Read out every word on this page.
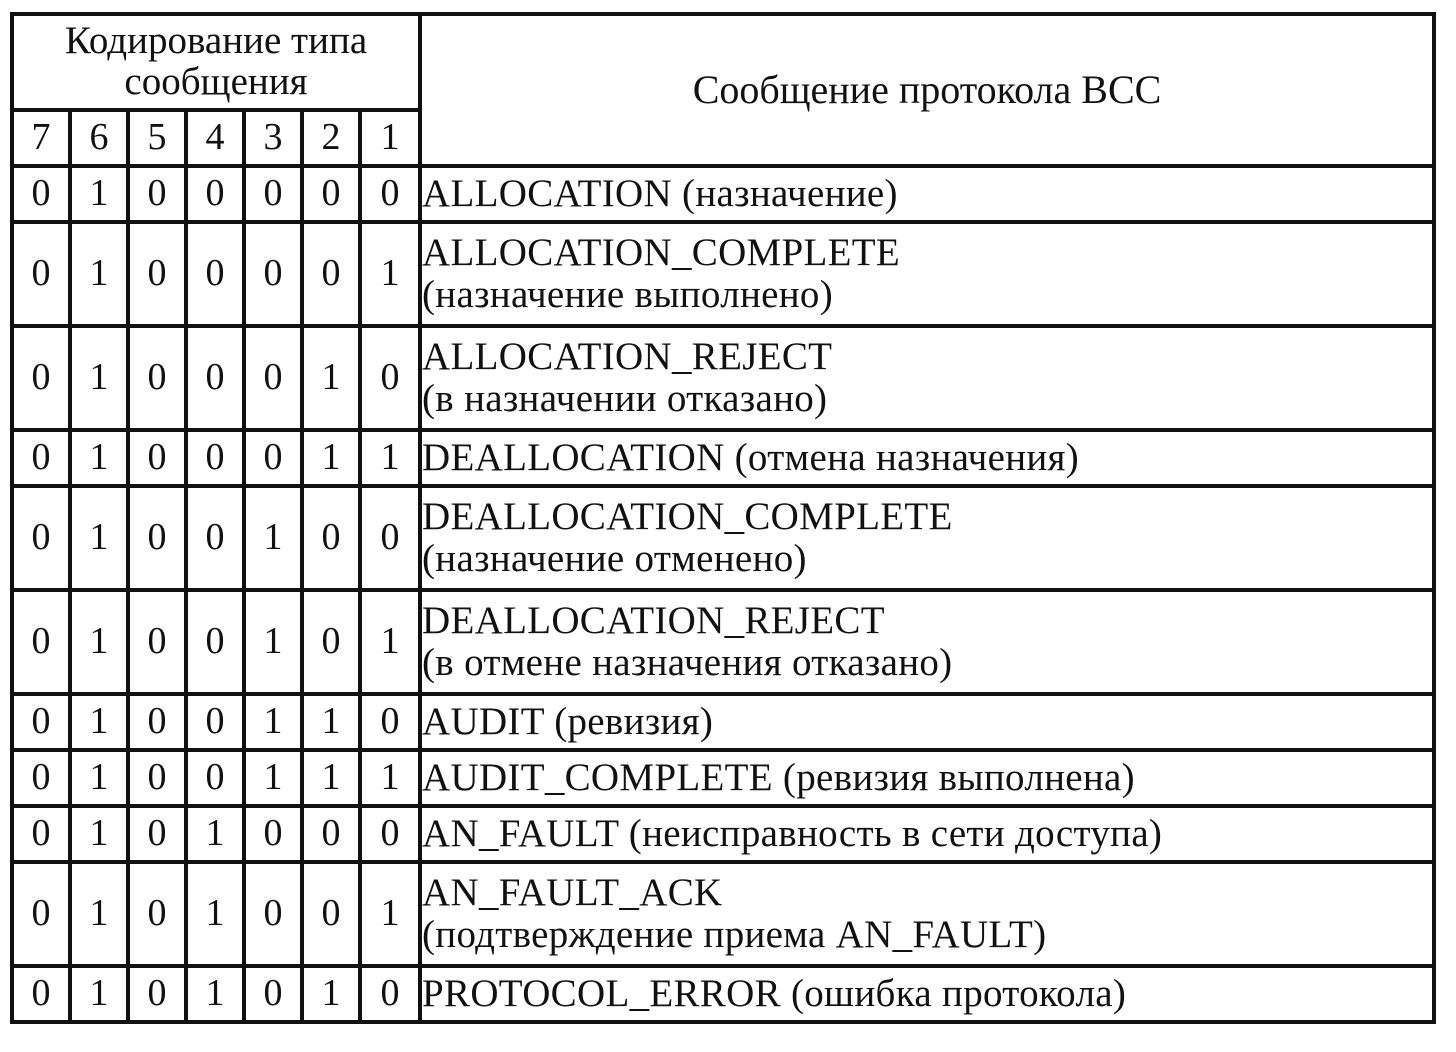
Кодирование типа сообщения							Сообщение протокола BCC
7	6	5	4	3	2	1	
0	1	0	0	0	0	0	ALLOCATION (назначение)
0	1	0	0	0	0	1	ALLOCATION_COMPLETE
(назначение выполнено)

0	1	0	0	0	1	0	ALLOCATION_REJECT
(в назначении отказано)

0	1	0	0	0	1	1	DEALLOCATION (отмена назначения)
0	1	0	0	1	0	0	DEALLOCATION_COMPLETE
(назначение отменено)

0	1	0	0	1	0	1	DEALLOCATION_REJECT
(в отмене назначения отказано)

0	1	0	0	1	1	0	AUDIT (ревизия)
0	1	0	0	1	1	1	AUDIT_COMPLETE (ревизия выполнена)
0	1	0	1	0	0	0	AN_FAULT (неисправность в сети доступа)
0	1	0	1	0	0	1	AN_FAULT_ACK
(подтверждение приема AN_FAULT)

0	1	0	1	0	1	0	PROTOCOL_ERROR (ошибка протокола)
